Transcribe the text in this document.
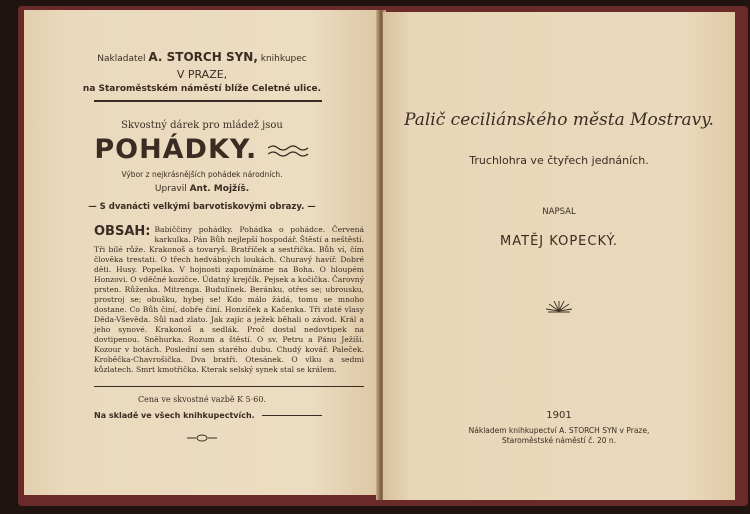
Nakladatel A. STORCH SYN, knihkupec
V PRAZE,
na Staroměstském náměstí blíže Celetné ulice.
Skvostný dárek pro mládež jsou
POHÁDKY.
Výbor z nejkrásnějších pohádek národních.
Upravil Ant. Mojžíš.
— S dvanácti velkými barvotiskovými obrazy. —
OBSAH: Babiččiny pohádky. Pohádka o pohádce. Červená karkulka. Pán Bůh nejlepší hospodář. Štěstí a neštěstí. Tři bílé růže. Krakonoš a tovaryš. Bratříček a sestřička. Bůh ví, čím člověka trestati. O třech hedvábných loukách. Churavý havíř. Dobré děti. Husy. Popelka. V hojnosti zapomínáme na Boha. O hloupém Honzovi. O vděčné kozičce. Údatný krejčík. Pejsek a kočička. Čarovný prsten. Růženka. Mitrenga. Budulínek. Beránku, otřes se; ubrousku, prostroj se; obušku, hybej se! Kdo málo žádá, tomu se mnoho dostane. Co Bůh činí, dobře činí. Honzíček a Kačenka. Tři zlaté vlasy Děda-Vševěda. Sůl nad zlato. Jak zajíc a ježek běhali o závod. Král a jeho synové. Krakonoš a sedlák. Proč dostal nedovtipek na dovtipenou. Sněhurka. Rozum a štěstí. O sv. Petru a Pánu Ježíši. Kozour v botách. Poslední sen starého dubu. Chudý kovář. Paleček. Kroběčka-Chavrošička. Dva bratři. Otesánek. O vlku a sedmi kůzlatech. Smrt kmotřička. Kterak selský synek stal se králem.
Cena ve skvostné vazbě K 5·60.
Na skladě ve všech knihkupectvích.
Palič ceciliánského města Mostravy.
Truchlohra ve čtyřech jednáních.
NAPSAL
MATĚJ KOPECKÝ.
1901
Nákladem knihkupectví A. STORCH SYN v Praze,
Staroměstské náměstí č. 20 n.
